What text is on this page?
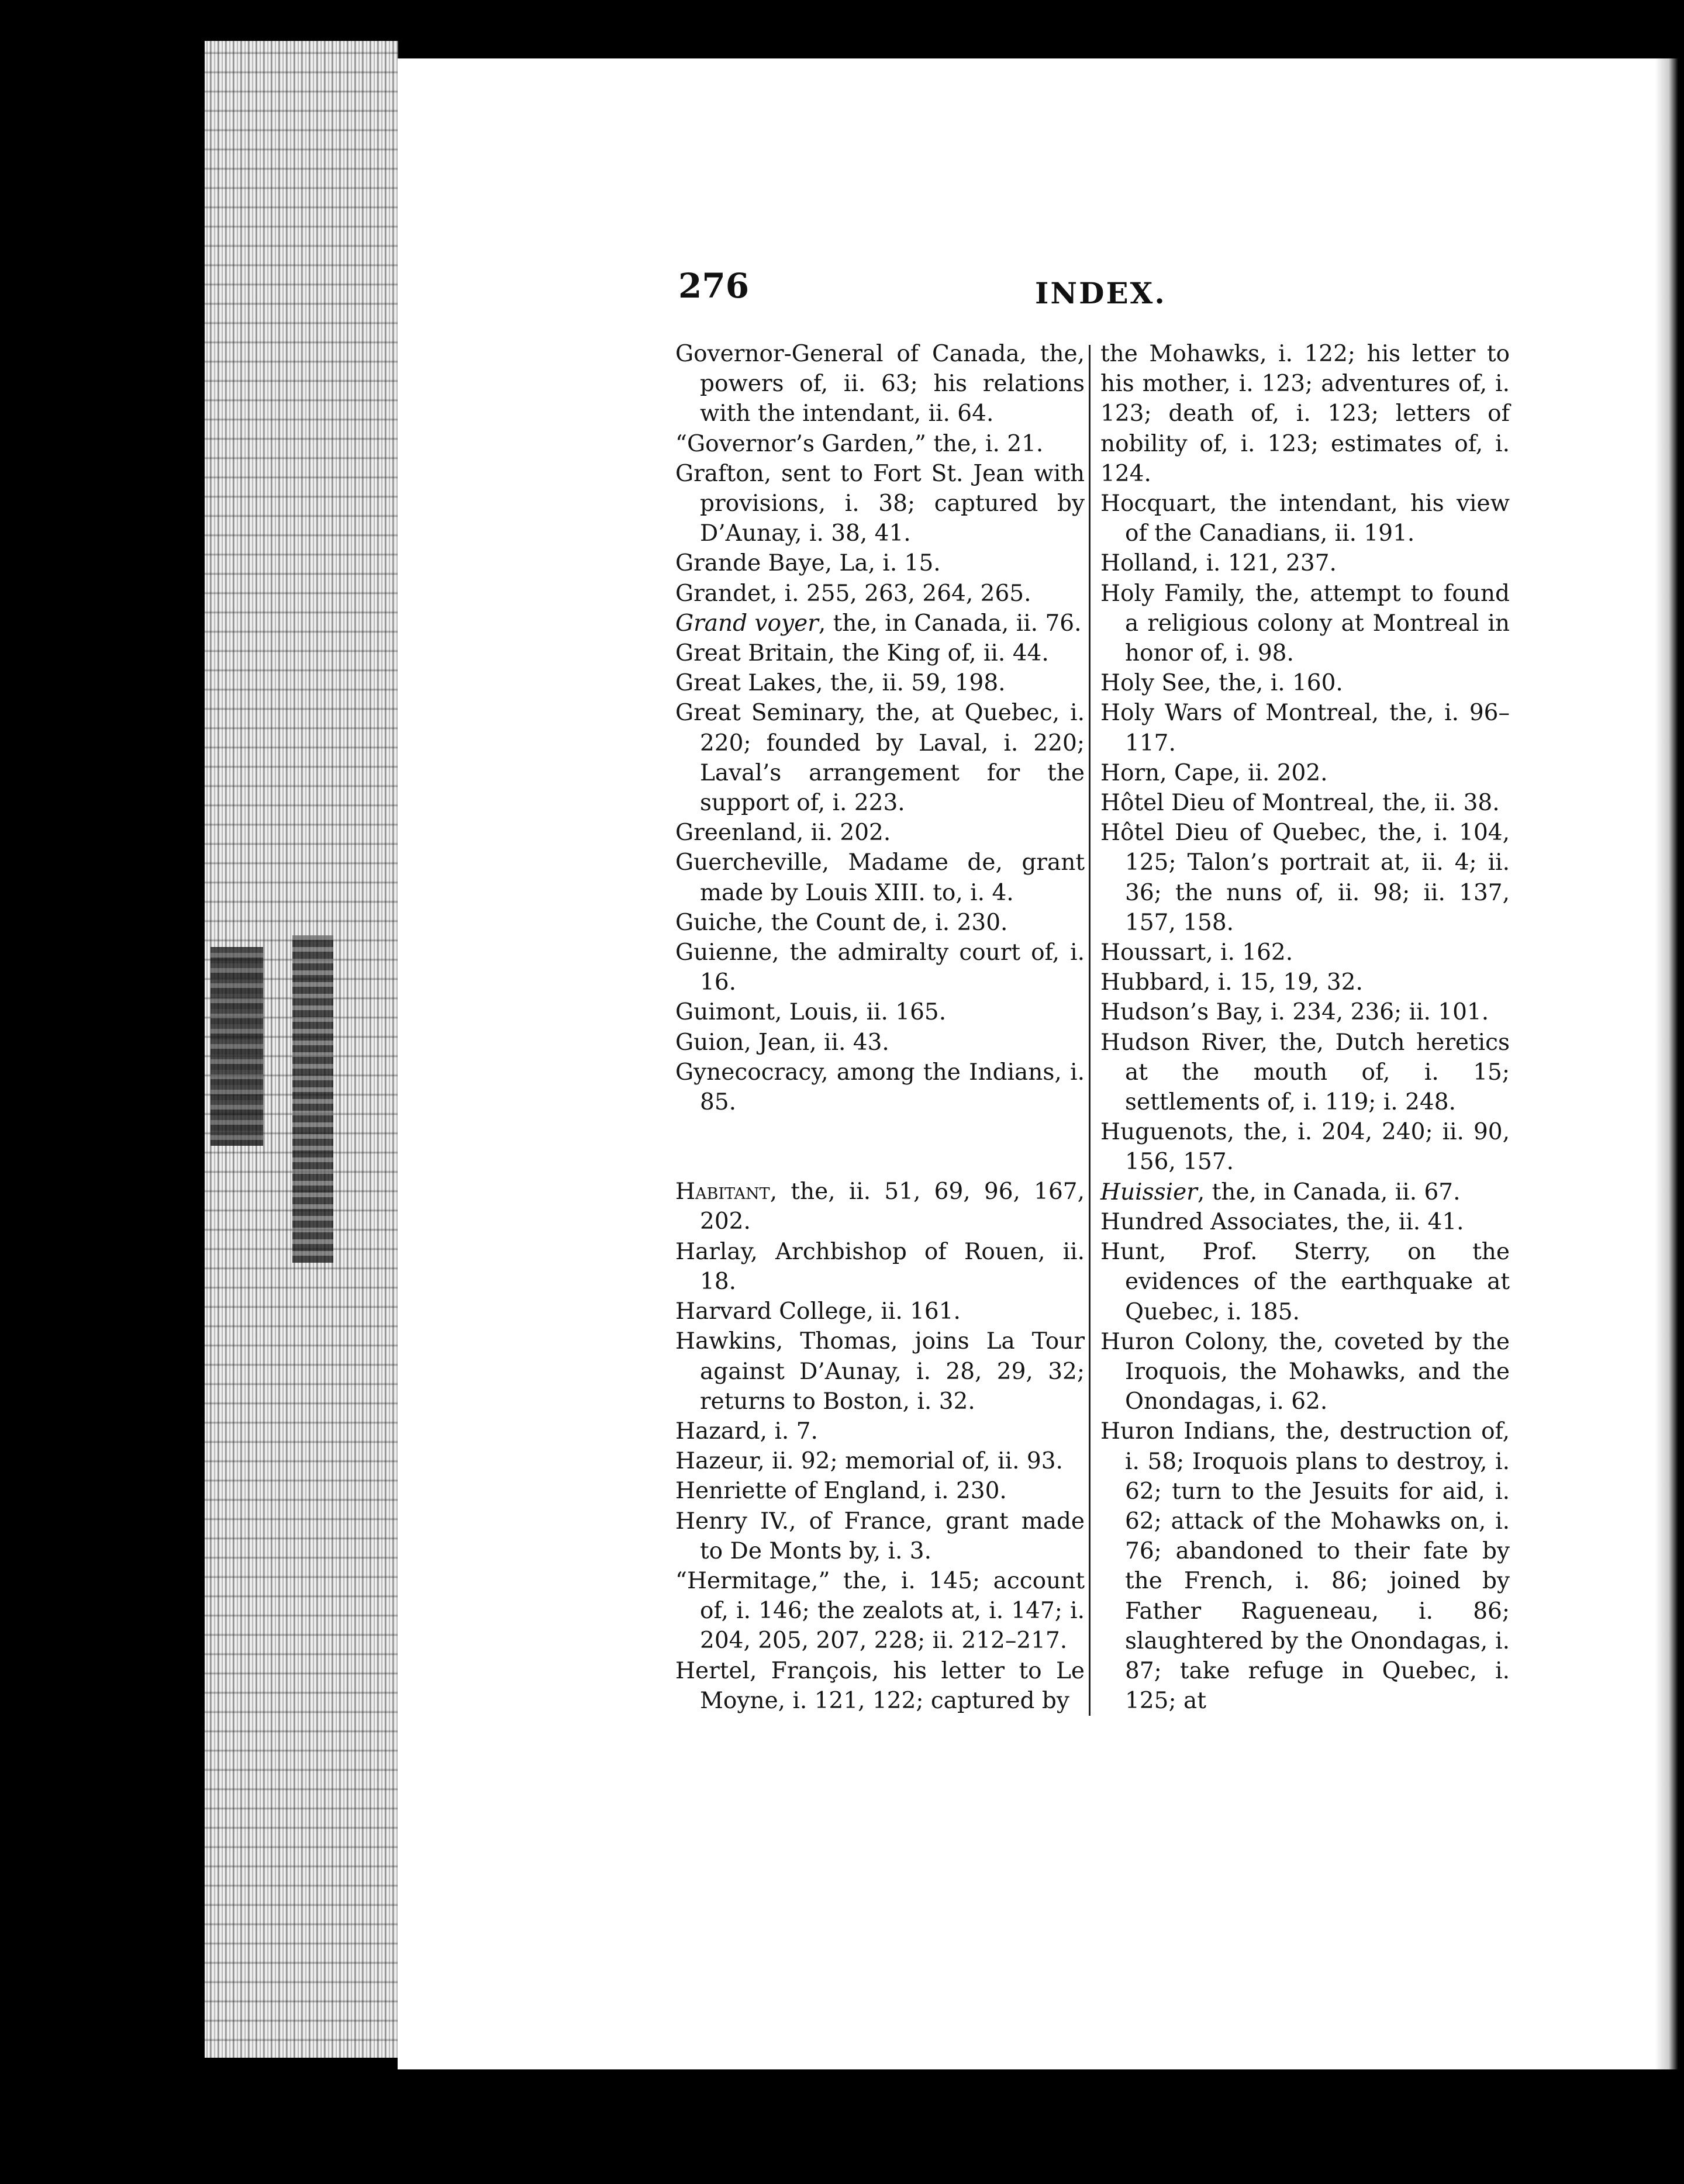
276	INDEX.

Governor-General of Canada, the, powers of, ii. 63; his relations with the intendant, ii. 64.

“Governor’s Garden,” the, i. 21.

Grafton, sent to Fort St. Jean with provisions, i. 38; captured by D’Aunay, i. 38, 41.

Grande Baye, La, i. 15.

Grandet, i. 255, 263, 264, 265.

Grand voyer, the, in Canada, ii. 76.

Great Britain, the King of, ii. 44.

Great Lakes, the, ii. 59, 198.

Great Seminary, the, at Quebec, i. 220; founded by Laval, i. 220; Laval’s arrangement for the support of, i. 223.

Greenland, ii. 202.

Guercheville, Madame de, grant made by Louis XIII. to, i. 4.

Guiche, the Count de, i. 230.

Guienne, the admiralty court of, i. 16.

Guimont, Louis, ii. 165.

Guion, Jean, ii. 43.

Gynecocracy, among the Indians, i. 85.

Habitant, the, ii. 51, 69, 96, 167, 202.

Harlay, Archbishop of Rouen, ii. 18.

Harvard College, ii. 161.

Hawkins, Thomas, joins La Tour against D’Aunay, i. 28, 29, 32; returns to Boston, i. 32.

Hazard, i. 7.

Hazeur, ii. 92; memorial of, ii. 93.

Henriette of England, i. 230.

Henry IV., of France, grant made to De Monts by, i. 3.

“Hermitage,” the, i. 145; account of, i. 146; the zealots at, i. 147; i. 204, 205, 207, 228; ii. 212–217.

Hertel, François, his letter to Le Moyne, i. 121, 122; captured by

the Mohawks, i. 122; his letter to his mother, i. 123; adventures of, i. 123; death of, i. 123; letters of nobility of, i. 123; estimates of, i. 124.

Hocquart, the intendant, his view of the Canadians, ii. 191.

Holland, i. 121, 237.

Holy Family, the, attempt to found a religious colony at Montreal in honor of, i. 98.

Holy See, the, i. 160.

Holy Wars of Montreal, the, i. 96–117.

Horn, Cape, ii. 202.

Hôtel Dieu of Montreal, the, ii. 38.

Hôtel Dieu of Quebec, the, i. 104, 125; Talon’s portrait at, ii. 4; ii. 36; the nuns of, ii. 98; ii. 137, 157, 158.

Houssart, i. 162.

Hubbard, i. 15, 19, 32.

Hudson’s Bay, i. 234, 236; ii. 101.

Hudson River, the, Dutch heretics at the mouth of, i. 15; settlements of, i. 119; i. 248.

Huguenots, the, i. 204, 240; ii. 90, 156, 157.

Huissier, the, in Canada, ii. 67.

Hundred Associates, the, ii. 41.

Hunt, Prof. Sterry, on the evidences of the earthquake at Quebec, i. 185.

Huron Colony, the, coveted by the Iroquois, the Mohawks, and the Onondagas, i. 62.

Huron Indians, the, destruction of, i. 58; Iroquois plans to destroy, i. 62; turn to the Jesuits for aid, i. 62; attack of the Mohawks on, i. 76; abandoned to their fate by the French, i. 86; joined by Father Ragueneau, i. 86; slaughtered by the Onondagas, i. 87; take refuge in Quebec, i. 125; at
